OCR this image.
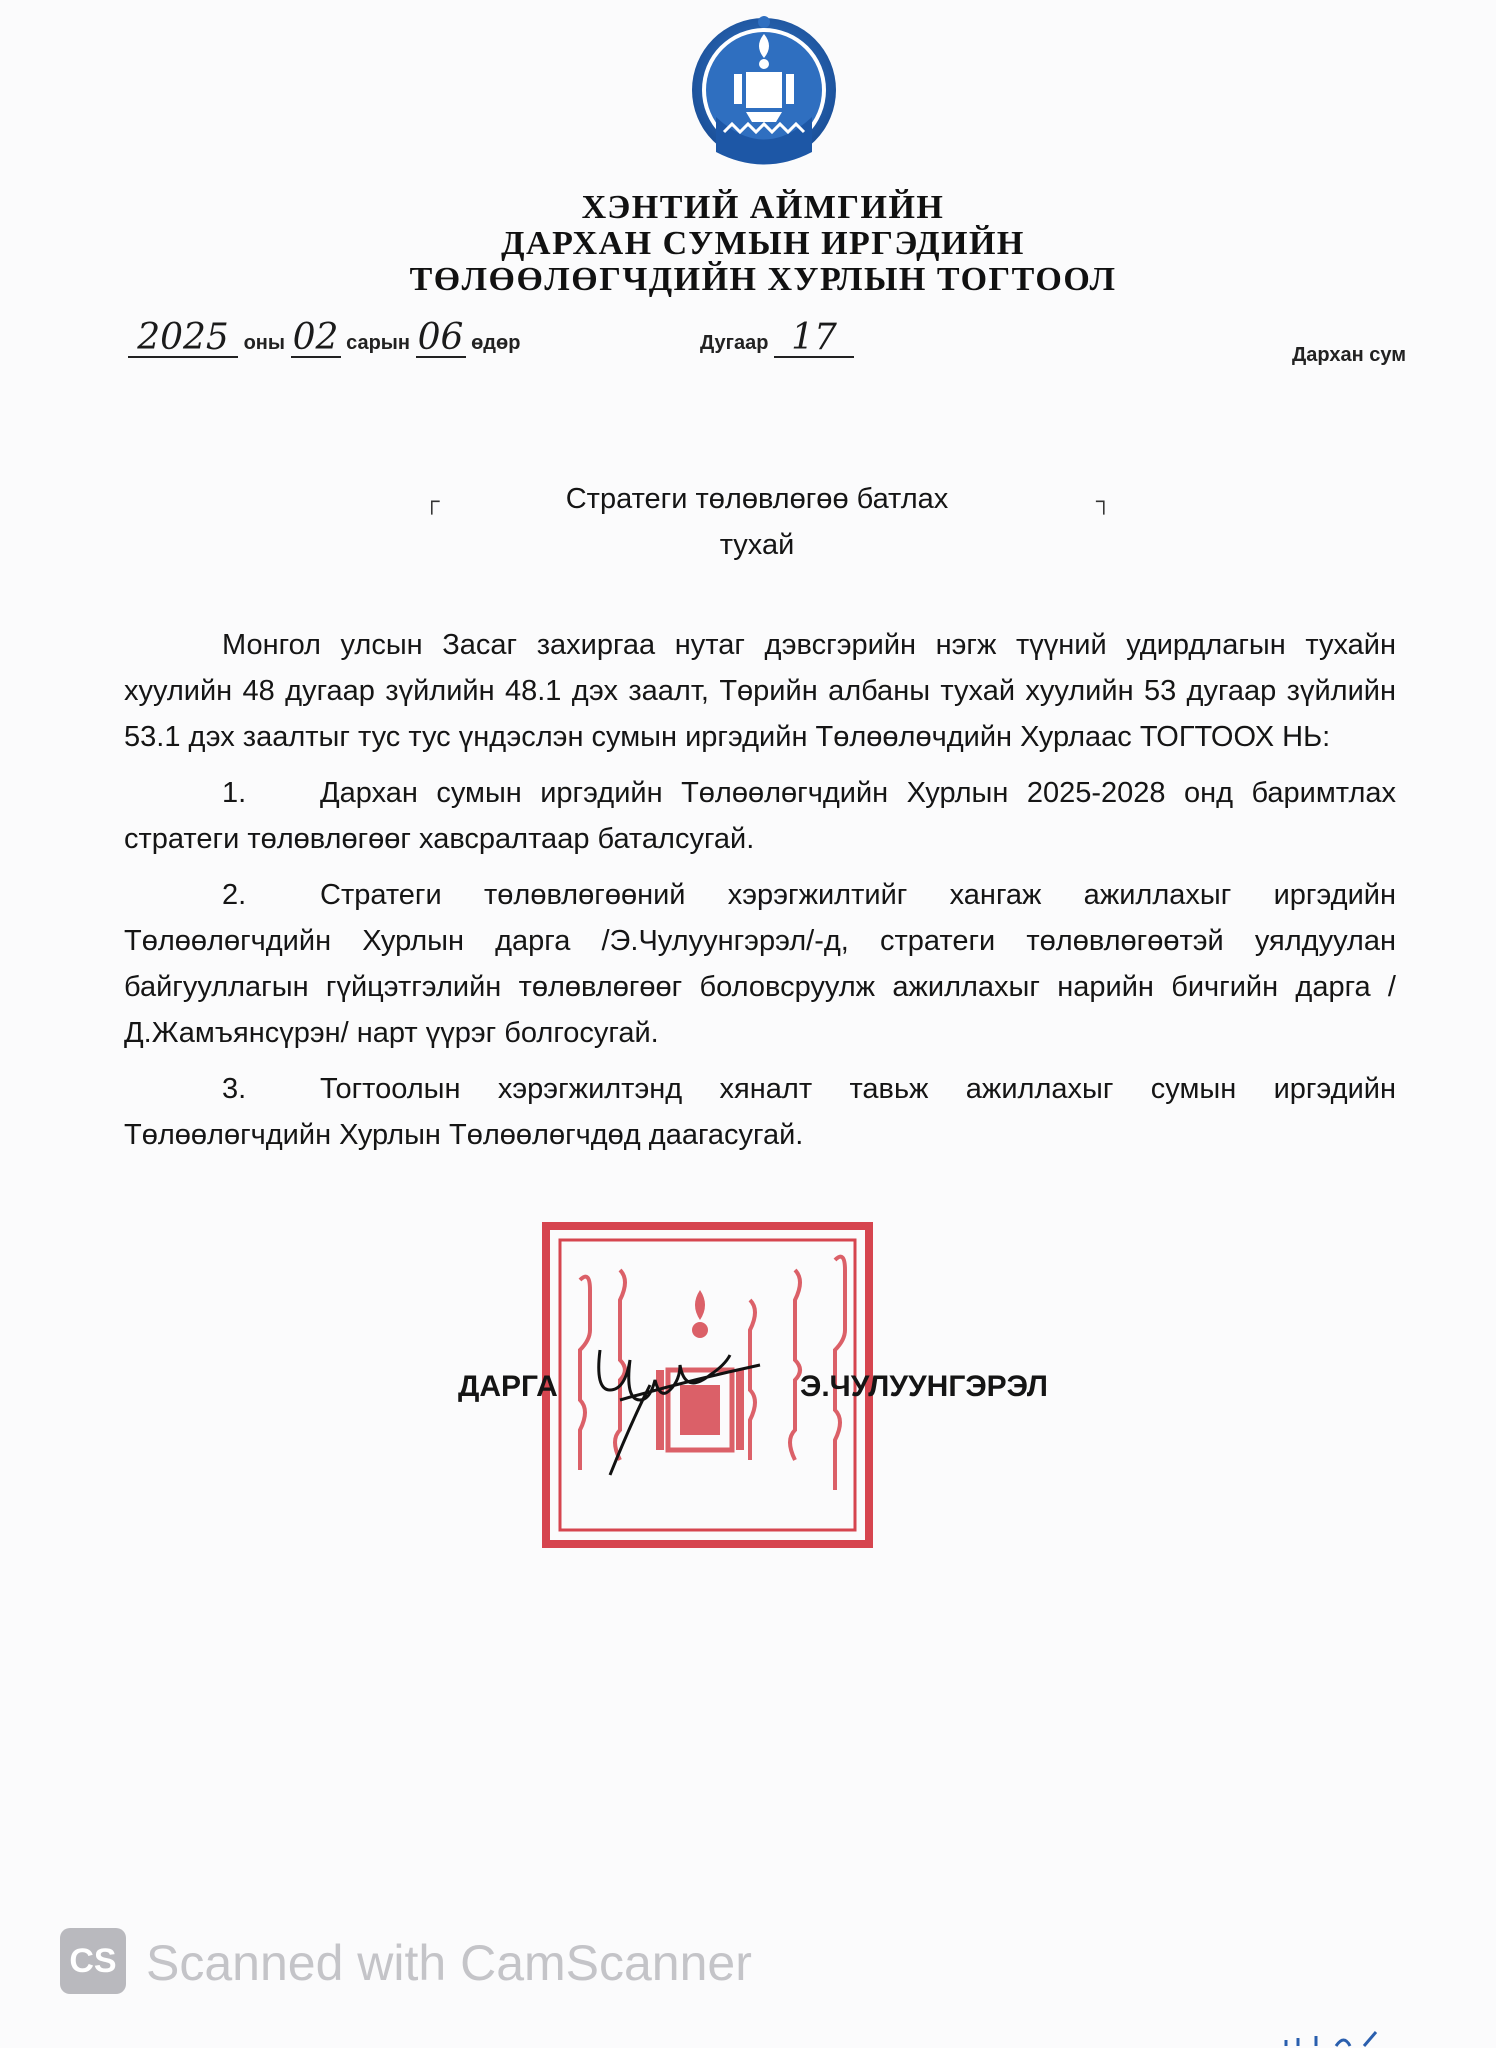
ХЭНТИЙ АЙМГИЙН
ДАРХАН СУМЫН ИРГЭДИЙН
ТӨЛӨӨЛӨГЧДИЙН ХУРЛЫН ТОГТООЛ
2025 оны 02 сарын 06 өдөр	Дугаар 17	Дархан сум
┌	┐
Стратеги төлөвлөгөө батлах
тухай

Монгол улсын Засаг захиргаа нутаг дэвсгэрийн нэгж түүний удирдлагын тухайн хуулийн 48 дугаар зүйлийн 48.1 дэх заалт, Төрийн албаны тухай хуулийн 53 дугаар зүйлийн 53.1 дэх заалтыг тус тус үндэслэн сумын иргэдийн Төлөөлөчдийн Хурлаас ТОГТООХ НЬ:

1.	Дархан сумын иргэдийн Төлөөлөгчдийн Хурлын 2025-2028 онд баримтлах стратеги төлөвлөгөөг хавсралтаар баталсугай.

2.	Стратеги төлөвлөгөөний хэрэгжилтийг хангаж ажиллахыг иргэдийн Төлөөлөгчдийн Хурлын дарга /Э.Чулуунгэрэл/-д, стратеги төлөвлөгөөтэй уялдуулан байгууллагын гүйцэтгэлийн төлөвлөгөөг боловсруулж ажиллахыг нарийн бичгийн дарга /Д.Жамъянсүрэн/ нарт үүрэг болгосугай.

3.	Тогтоолын хэрэгжилтэнд хяналт тавьж ажиллахыг сумын иргэдийн Төлөөлөгчдийн Хурлын Төлөөлөгчдөд даагасугай.

ДАРГА	Э.ЧУЛУУНГЭРЭЛ
CS Scanned with CamScanner
